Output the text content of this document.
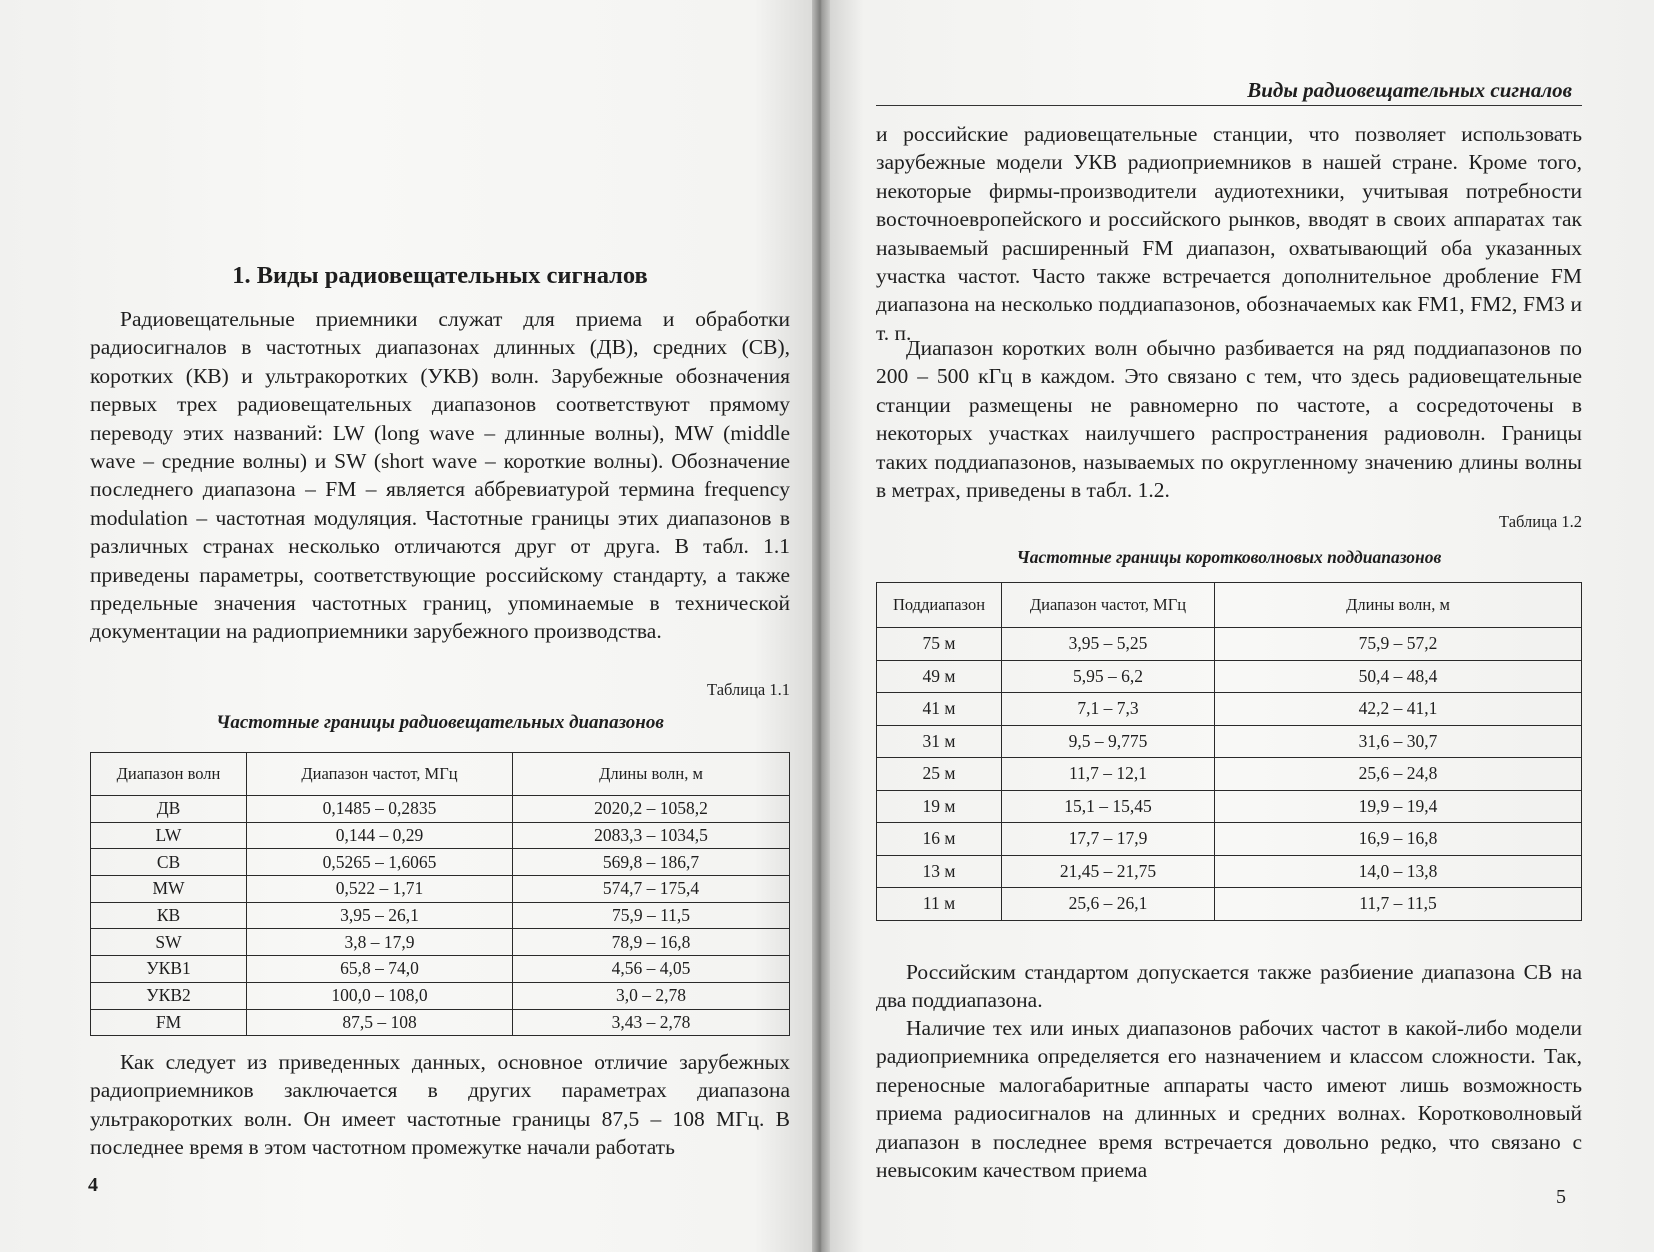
1. Виды радиовещательных сигналов

Радиовещательные приемники служат для приема и обработки радиосигналов в частотных диапазонах длинных (ДВ), средних (СВ), коротких (КВ) и ультракоротких (УКВ) волн. Зарубежные обозначения первых трех радиовещательных диапазонов соответствуют прямому переводу этих названий: LW (long wave – длинные волны), MW (middle wave – средние волны) и SW (short wave – короткие волны). Обозначение последнего диапазона – FM – является аббревиатурой термина frequency modulation – частотная модуляция. Частотные границы этих диапазонов в различных странах несколько отличаются друг от друга. В табл. 1.1 приведены параметры, соответствующие российскому стандарту, а также предельные значения частотных границ, упоминаемые в технической документации на радиоприемники зарубежного производства.

Таблица 1.1
Частотные границы радиовещательных диапазонов
Диапазон волн	Диапазон частот, МГц	Длины волн, м
ДВ	0,1485 – 0,2835	2020,2 – 1058,2
LW	0,144 – 0,29	2083,3 – 1034,5
СВ	0,5265 – 1,6065	569,8 – 186,7
MW	0,522 – 1,71	574,7 – 175,4
КВ	3,95 – 26,1	75,9 – 11,5
SW	3,8 – 17,9	78,9 – 16,8
УКВ1	65,8 – 74,0	4,56 – 4,05
УКВ2	100,0 – 108,0	3,0 – 2,78
FM	87,5 – 108	3,43 – 2,78

Как следует из приведенных данных, основное отличие зарубежных радиоприемников заключается в других параметрах диапазона ультракоротких волн. Он имеет частотные границы 87,5 – 108 МГц. В последнее время в этом частотном промежутке начали работать

4
Виды радиовещательных сигналов

и российские радиовещательные станции, что позволяет использовать зарубежные модели УКВ радиоприемников в нашей стране. Кроме того, некоторые фирмы-производители аудиотехники, учитывая потребности восточноевропейского и российского рынков, вводят в своих аппаратах так называемый расширенный FM диапазон, охватывающий оба указанных участка частот. Часто также встречается дополнительное дробление FM диапазона на несколько поддиапазонов, обозначаемых как FM1, FM2, FM3 и т. п.

Диапазон коротких волн обычно разбивается на ряд поддиапазонов по 200 – 500 кГц в каждом. Это связано с тем, что здесь радиовещательные станции размещены не равномерно по частоте, а сосредоточены в некоторых участках наилучшего распространения радиоволн. Границы таких поддиапазонов, называемых по округленному значению длины волны в метрах, приведены в табл. 1.2.

Таблица 1.2
Частотные границы коротковолновых поддиапазонов
Поддиапазон	Диапазон частот, МГц	Длины волн, м
75 м	3,95 – 5,25	75,9 – 57,2
49 м	5,95 – 6,2	50,4 – 48,4
41 м	7,1 – 7,3	42,2 – 41,1
31 м	9,5 – 9,775	31,6 – 30,7
25 м	11,7 – 12,1	25,6 – 24,8
19 м	15,1 – 15,45	19,9 – 19,4
16 м	17,7 – 17,9	16,9 – 16,8
13 м	21,45 – 21,75	14,0 – 13,8
11 м	25,6 – 26,1	11,7 – 11,5

Российским стандартом допускается также разбиение диапазона СВ на два поддиапазона.

Наличие тех или иных диапазонов рабочих частот в какой-либо модели радиоприемника определяется его назначением и классом сложности. Так, переносные малогабаритные аппараты часто имеют лишь возможность приема радиосигналов на длинных и средних волнах. Коротковолновый диапазон в последнее время встречается довольно редко, что связано с невысоким качеством приема

5
